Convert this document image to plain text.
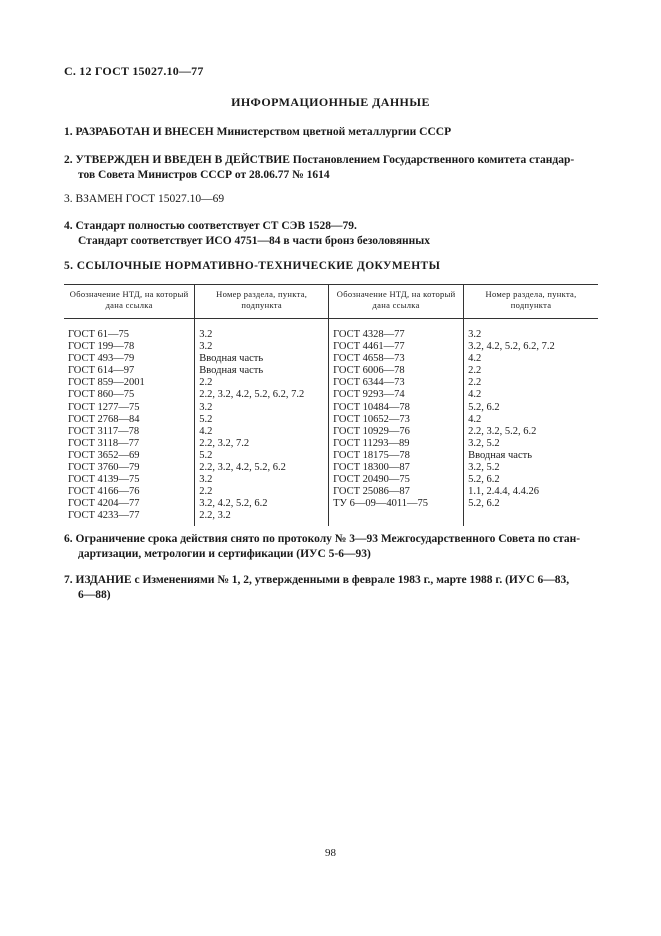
С. 12 ГОСТ 15027.10—77
ИНФОРМАЦИОННЫЕ ДАННЫЕ
1. РАЗРАБОТАН И ВНЕСЕН Министерством цветной металлургии СССР
2. УТВЕРЖДЕН И ВВЕДЕН В ДЕЙСТВИЕ Постановлением Государственного комитета стандар-
тов Совета Министров СССР от 28.06.77 № 1614
3. ВЗАМЕН ГОСТ 15027.10—69
4. Стандарт полностью соответствует СТ СЭВ 1528—79.
Стандарт соответствует ИСО 4751—84 в части бронз безоловянных
5. ССЫЛОЧНЫЕ НОРМАТИВНО-ТЕХНИЧЕСКИЕ ДОКУМЕНТЫ
Обозначение НТД, на который дана ссылка	Номер раздела, пункта, подпункта	Обозначение НТД, на который дана ссылка	Номер раздела, пункта, подпункта

ГОСТ 61—75	3.2	ГОСТ 4328—77	3.2
ГОСТ 199—78	3.2	ГОСТ 4461—77	3.2, 4.2, 5.2, 6.2, 7.2
ГОСТ 493—79	Вводная часть	ГОСТ 4658—73	4.2
ГОСТ 614—97	Вводная часть	ГОСТ 6006—78	2.2
ГОСТ 859—2001	2.2	ГОСТ 6344—73	2.2
ГОСТ 860—75	2.2, 3.2, 4.2, 5.2, 6.2, 7.2	ГОСТ 9293—74	4.2
ГОСТ 1277—75	3.2	ГОСТ 10484—78	5.2, 6.2
ГОСТ 2768—84	5.2	ГОСТ 10652—73	4.2
ГОСТ 3117—78	4.2	ГОСТ 10929—76	2.2, 3.2, 5.2, 6.2
ГОСТ 3118—77	2.2, 3.2, 7.2	ГОСТ 11293—89	3.2, 5.2
ГОСТ 3652—69	5.2	ГОСТ 18175—78	Вводная часть
ГОСТ 3760—79	2.2, 3.2, 4.2, 5.2, 6.2	ГОСТ 18300—87	3.2, 5.2
ГОСТ 4139—75	3.2	ГОСТ 20490—75	5.2, 6.2
ГОСТ 4166—76	2.2	ГОСТ 25086—87	1.1, 2.4.4, 4.4.26
ГОСТ 4204—77	3.2, 4.2, 5.2, 6.2	ТУ 6—09—4011—75	5.2, 6.2
ГОСТ 4233—77	2.2, 3.2		
6. Ограничение срока действия снято по протоколу № 3—93 Межгосударственного Совета по стан-
дартизации, метрологии и сертификации (ИУС 5-6—93)
7. ИЗДАНИЕ с Изменениями № 1, 2, утвержденными в феврале 1983 г., марте 1988 г. (ИУС 6—83,
6—88)
98
